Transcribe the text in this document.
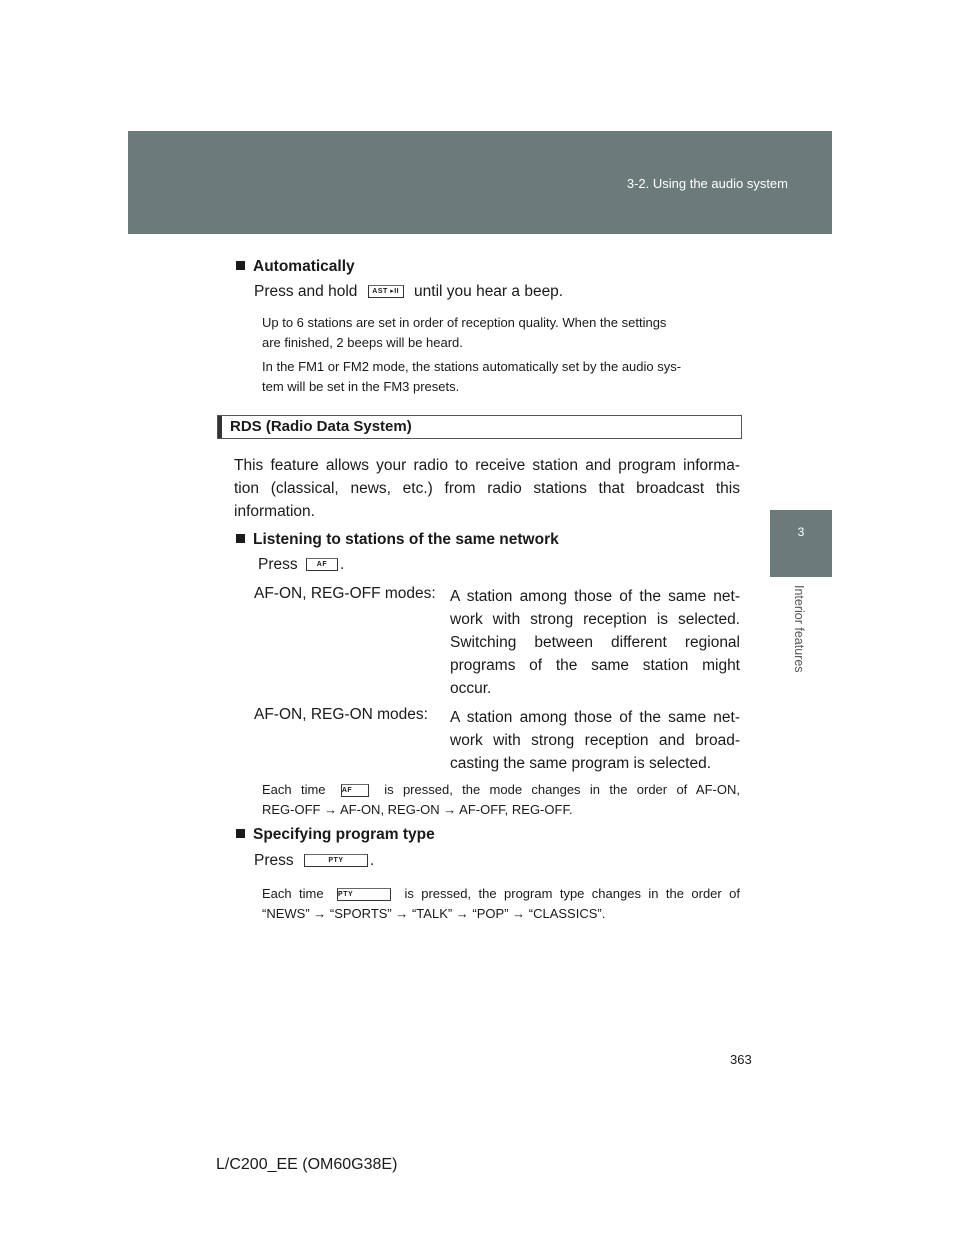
3-2. Using the audio system
3
Interior features
Automatically
Press and hold AST ▸II until you hear a beep.
Up to 6 stations are set in order of reception quality. When the settings
are finished, 2 beeps will be heard.
In the FM1 or FM2 mode, the stations automatically set by the audio sys-
tem will be set in the FM3 presets.
RDS (Radio Data System)
This feature allows your radio to receive station and program informa-
tion (classical, news, etc.) from radio stations that broadcast this
information.
Listening to stations of the same network
Press	AF .
AF-ON, REG-OFF modes: A station among those of the same net-
work with strong reception is selected.
Switching between different regional
programs of the same station might
occur.
AF-ON, REG-ON modes: A station among those of the same net-
work with strong reception and broad-
casting the same program is selected.
Each time AF is pressed, the mode changes in the order of AF-ON,
REG-OFF → AF-ON, REG-ON → AF-OFF, REG-OFF.
Specifying program type
Press	PTY .
Each time PTY	is pressed, the program type changes in the order of
“NEWS” → “SPORTS” → “TALK” → “POP” → “CLASSICS”.
363
L/C200_EE (OM60G38E)
